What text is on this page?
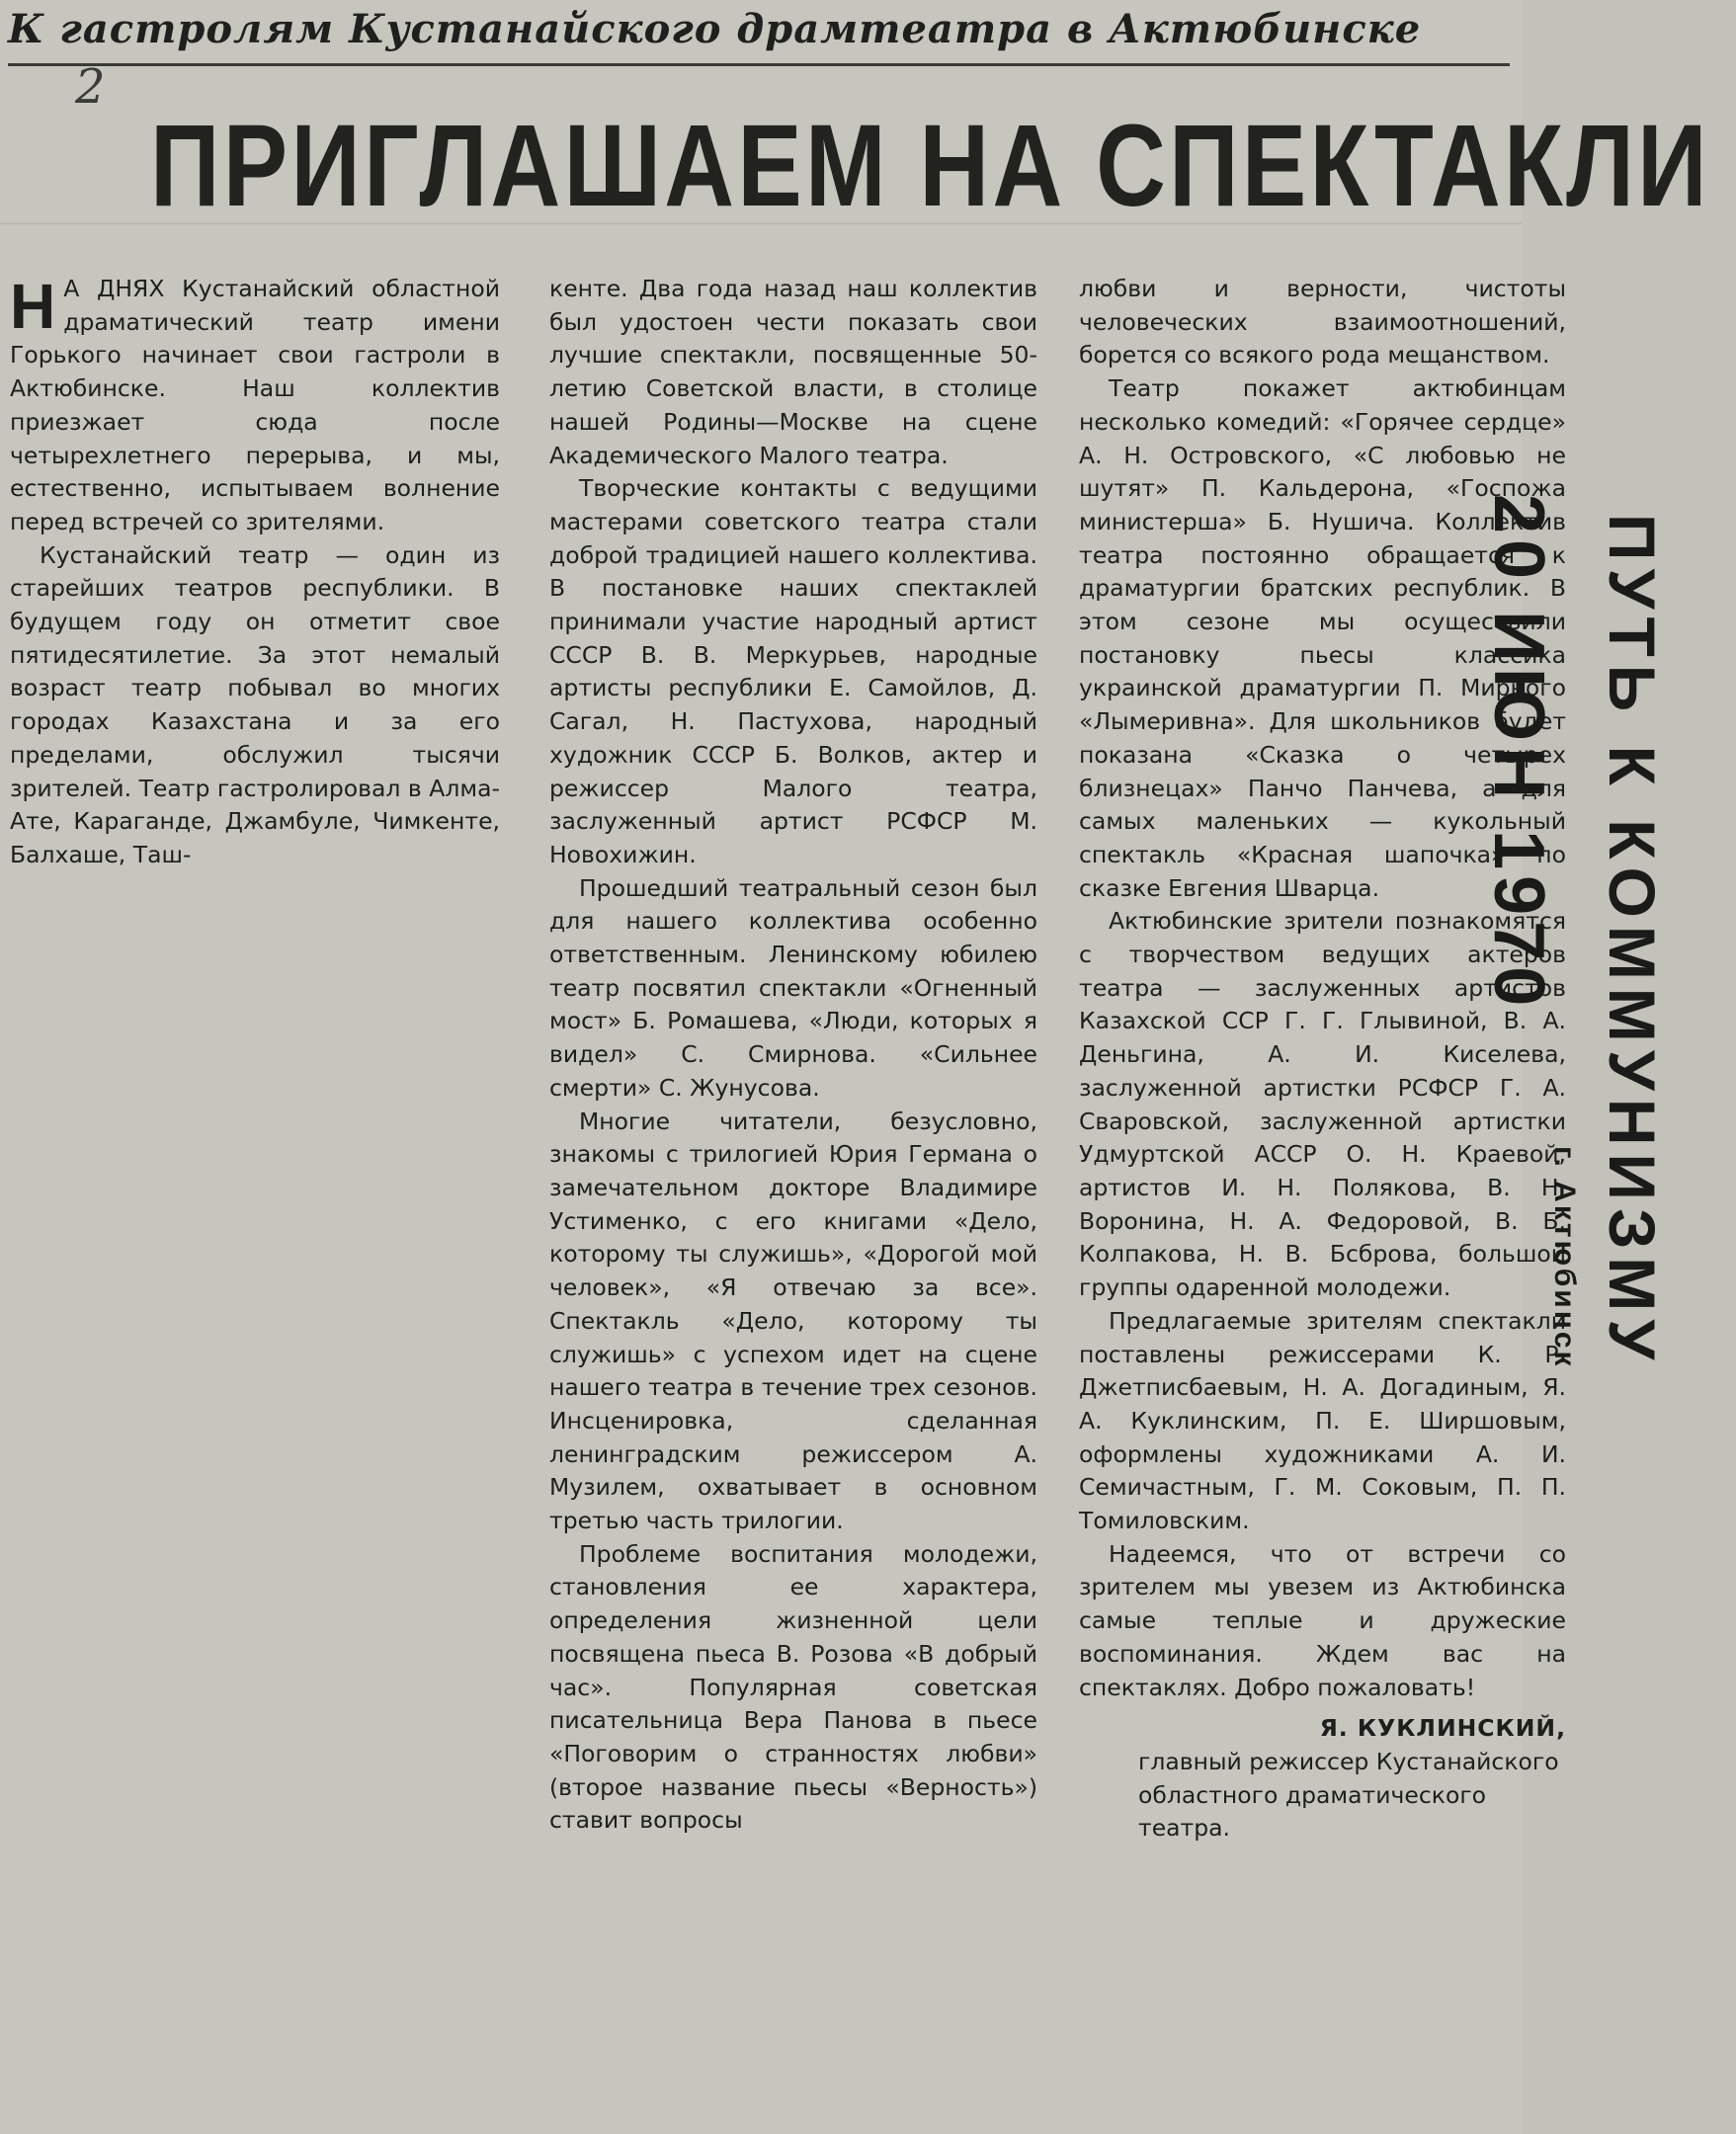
К гастролям Кустанайского драмтеатра в Актюбинске
2
ПРИГЛАШАЕМ НА СПЕКТАКЛИ

Н А ДНЯХ Кустанайский областной драматический театр имени Горького начинает свои гастроли в Актюбинске. Наш коллектив приезжает сюда после четырехлетнего перерыва, и мы, естественно, испытываем волнение перед встречей со зрителями.

Кустанайский театр — один из старейших театров республики. В будущем году он отметит свое пятидесятилетие. За этот немалый возраст театр побывал во многих городах Казахстана и за его пределами, обслужил тысячи зрителей. Театр гастролировал в Алма-Ате, Караганде, Джамбуле, Чимкенте, Балхаше, Таш-

кенте. Два года назад наш коллектив был удостоен чести показать свои лучшие спектакли, посвященные 50-летию Советской власти, в столице нашей Родины—Москве на сцене Академического Малого театра.

Творческие контакты с ведущими мастерами советского театра стали доброй традицией нашего коллектива. В постановке наших спектаклей принимали участие народный артист СССР В. В. Меркурьев, народные артисты республики Е. Самойлов, Д. Сагал, Н. Пастухова, народный художник СССР Б. Волков, актер и режиссер Малого театра, заслуженный артист РСФСР М. Новохижин.

Прошедший театральный сезон был для нашего коллектива особенно ответственным. Ленинскому юбилею театр посвятил спектакли «Огненный мост» Б. Ромашева, «Люди, которых я видел» С. Смирнова. «Сильнее смерти» С. Жунусова.

Многие читатели, безусловно, знакомы с трилогией Юрия Германа о замечательном докторе Владимире Устименко, с его книгами «Дело, которому ты служишь», «Дорогой мой человек», «Я отвечаю за все». Спектакль «Дело, которому ты служишь» с успехом идет на сцене нашего театра в течение трех сезонов. Инсценировка, сделанная ленинградским режиссером А. Музилем, охватывает в основном третью часть трилогии.

Проблеме воспитания молодежи, становления ее характера, определения жизненной цели посвящена пьеса В. Розова «В добрый час». Популярная советская писательница Вера Панова в пьесе «Поговорим о странностях любви» (второе название пьесы «Верность») ставит вопросы

любви и верности, чистоты человеческих взаимоотношений, борется со всякого рода мещанством.

Театр покажет актюбинцам несколько комедий: «Горячее сердце» А. Н. Островского, «С любовью не шутят» П. Кальдерона, «Госпожа министерша» Б. Нушича. Коллектив театра постоянно обращается к драматургии братских республик. В этом сезоне мы осуществили постановку пьесы классика украинской драматургии П. Мирного «Лымеривна». Для школьников будет показана «Сказка о четырех близнецах» Панчо Панчева, а для самых маленьких — кукольный спектакль «Красная шапочка» по сказке Евгения Шварца.

Актюбинские зрители познакомятся с творчеством ведущих актеров театра — заслуженных артистов Казахской ССР Г. Г. Глывиной, В. А. Деньгина, А. И. Киселева, заслуженной артистки РСФСР Г. А. Сваровской, заслуженной артистки Удмуртской АССР О. Н. Краевой, артистов И. Н. Полякова, В. Н. Воронина, Н. А. Федоровой, В. Б. Колпакова, Н. В. Бсброва, большой группы одаренной молодежи.

Предлагаемые зрителям спектакли поставлены режиссерами К. Р. Джетписбаевым, Н. А. Догадиным, Я. А. Куклинским, П. Е. Ширшовым, оформлены художниками А. И. Семичастным, Г. М. Соковым, П. П. Томиловским.

Надеемся, что от встречи со зрителем мы увезем из Актюбинска самые теплые и дружеские воспоминания. Ждем вас на спектаклях. Добро пожаловать!

Я. КУКЛИНСКИЙ,
главный режиссер Кустанайского областного драматического театра.
20 ИЮН 1970 ПУТЬ К КОММУНИЗМУ
г. Актюбинск
